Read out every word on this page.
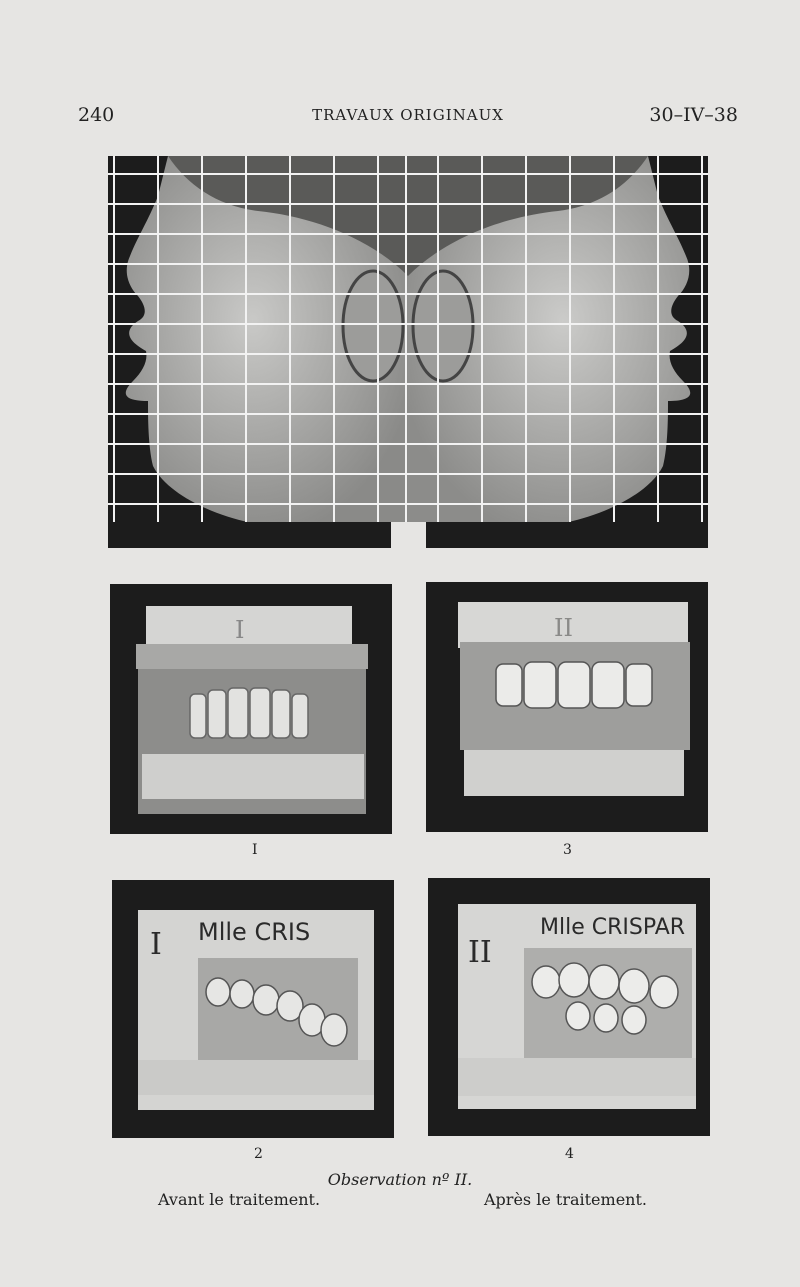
240	TRAVAUX ORIGINAUX	30–IV–38
I
I
II
3
I Mlle CRIS
2
II
Mlle CRISPAR
4
Observation nº II.
Avant le traitement.	Après le traitement.
